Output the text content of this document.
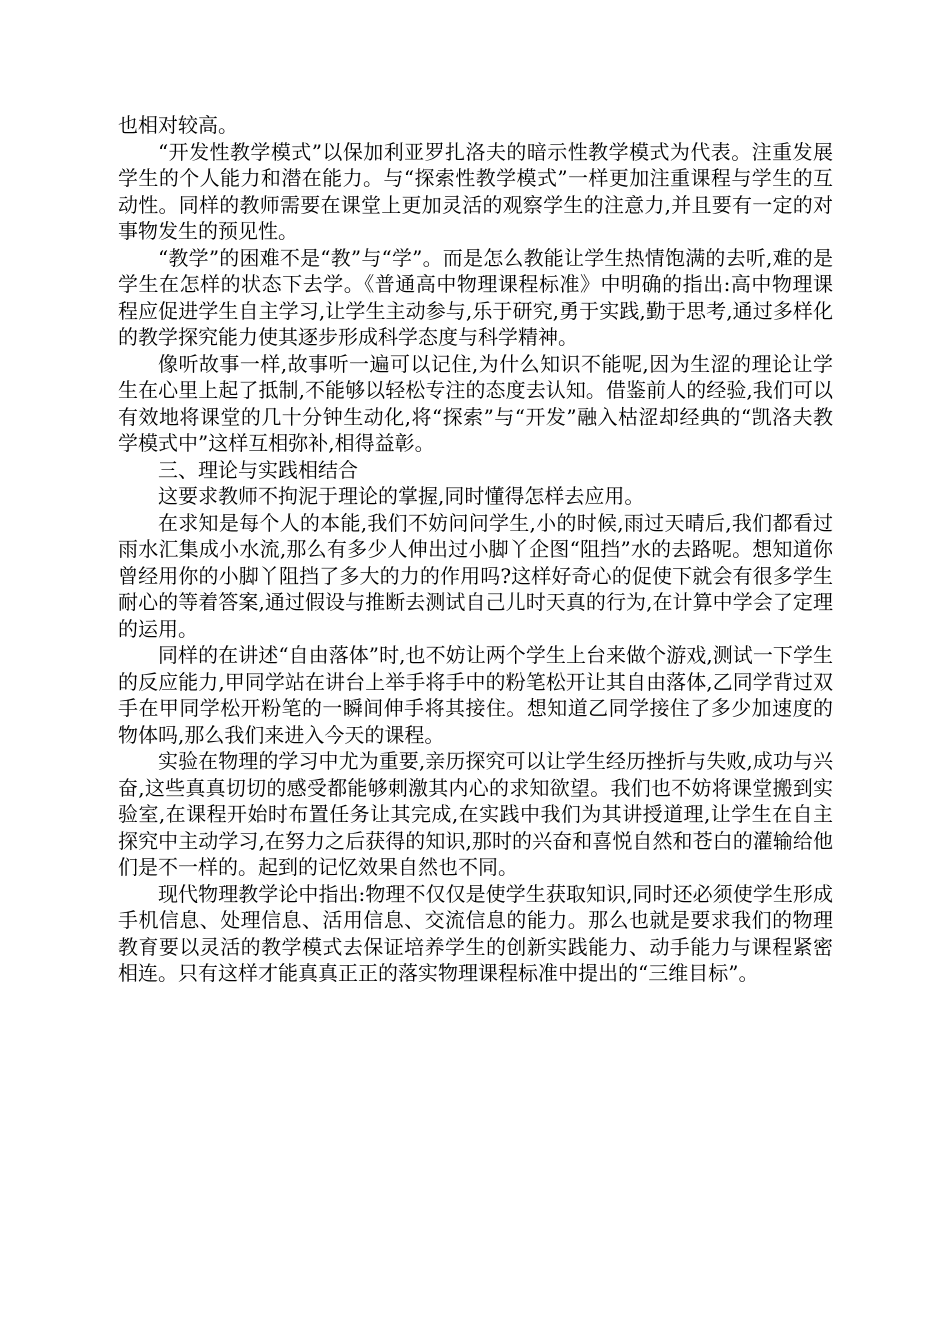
也相对较高。

“开发性教学模式”以保加利亚罗扎洛夫的暗示性教学模式为代表。注重发展学生的个人能力和潜在能力。与“探索性教学模式”一样更加注重课程与学生的互动性。同样的教师需要在课堂上更加灵活的观察学生的注意力,并且要有一定的对事物发生的预见性。

“教学”的困难不是“教”与“学”。而是怎么教能让学生热情饱满的去听,难的是学生在怎样的状态下去学。《普通高中物理课程标准》中明确的指出:高中物理课程应促进学生自主学习,让学生主动参与,乐于研究,勇于实践,勤于思考,通过多样化的教学探究能力使其逐步形成科学态度与科学精神。

像听故事一样,故事听一遍可以记住,为什么知识不能呢,因为生涩的理论让学生在心里上起了抵制,不能够以轻松专注的态度去认知。借鉴前人的经验,我们可以有效地将课堂的几十分钟生动化,将“探索”与“开发”融入枯涩却经典的“凯洛夫教学模式中”这样互相弥补,相得益彰。

三、理论与实践相结合

这要求教师不拘泥于理论的掌握,同时懂得怎样去应用。

在求知是每个人的本能,我们不妨问问学生,小的时候,雨过天晴后,我们都看过雨水汇集成小水流,那么有多少人伸出过小脚丫企图“阻挡”水的去路呢。想知道你曾经用你的小脚丫阻挡了多大的力的作用吗?这样好奇心的促使下就会有很多学生耐心的等着答案,通过假设与推断去测试自己儿时天真的行为,在计算中学会了定理的运用。

同样的在讲述“自由落体”时,也不妨让两个学生上台来做个游戏,测试一下学生的反应能力,甲同学站在讲台上举手将手中的粉笔松开让其自由落体,乙同学背过双手在甲同学松开粉笔的一瞬间伸手将其接住。想知道乙同学接住了多少加速度的物体吗,那么我们来进入今天的课程。

实验在物理的学习中尤为重要,亲历探究可以让学生经历挫折与失败,成功与兴奋,这些真真切切的感受都能够刺激其内心的求知欲望。我们也不妨将课堂搬到实验室,在课程开始时布置任务让其完成,在实践中我们为其讲授道理,让学生在自主探究中主动学习,在努力之后获得的知识,那时的兴奋和喜悦自然和苍白的灌输给他们是不一样的。起到的记忆效果自然也不同。

现代物理教学论中指出:物理不仅仅是使学生获取知识,同时还必须使学生形成手机信息、处理信息、活用信息、交流信息的能力。那么也就是要求我们的物理教育要以灵活的教学模式去保证培养学生的创新实践能力、动手能力与课程紧密相连。只有这样才能真真正正的落实物理课程标准中提出的“三维目标”。
